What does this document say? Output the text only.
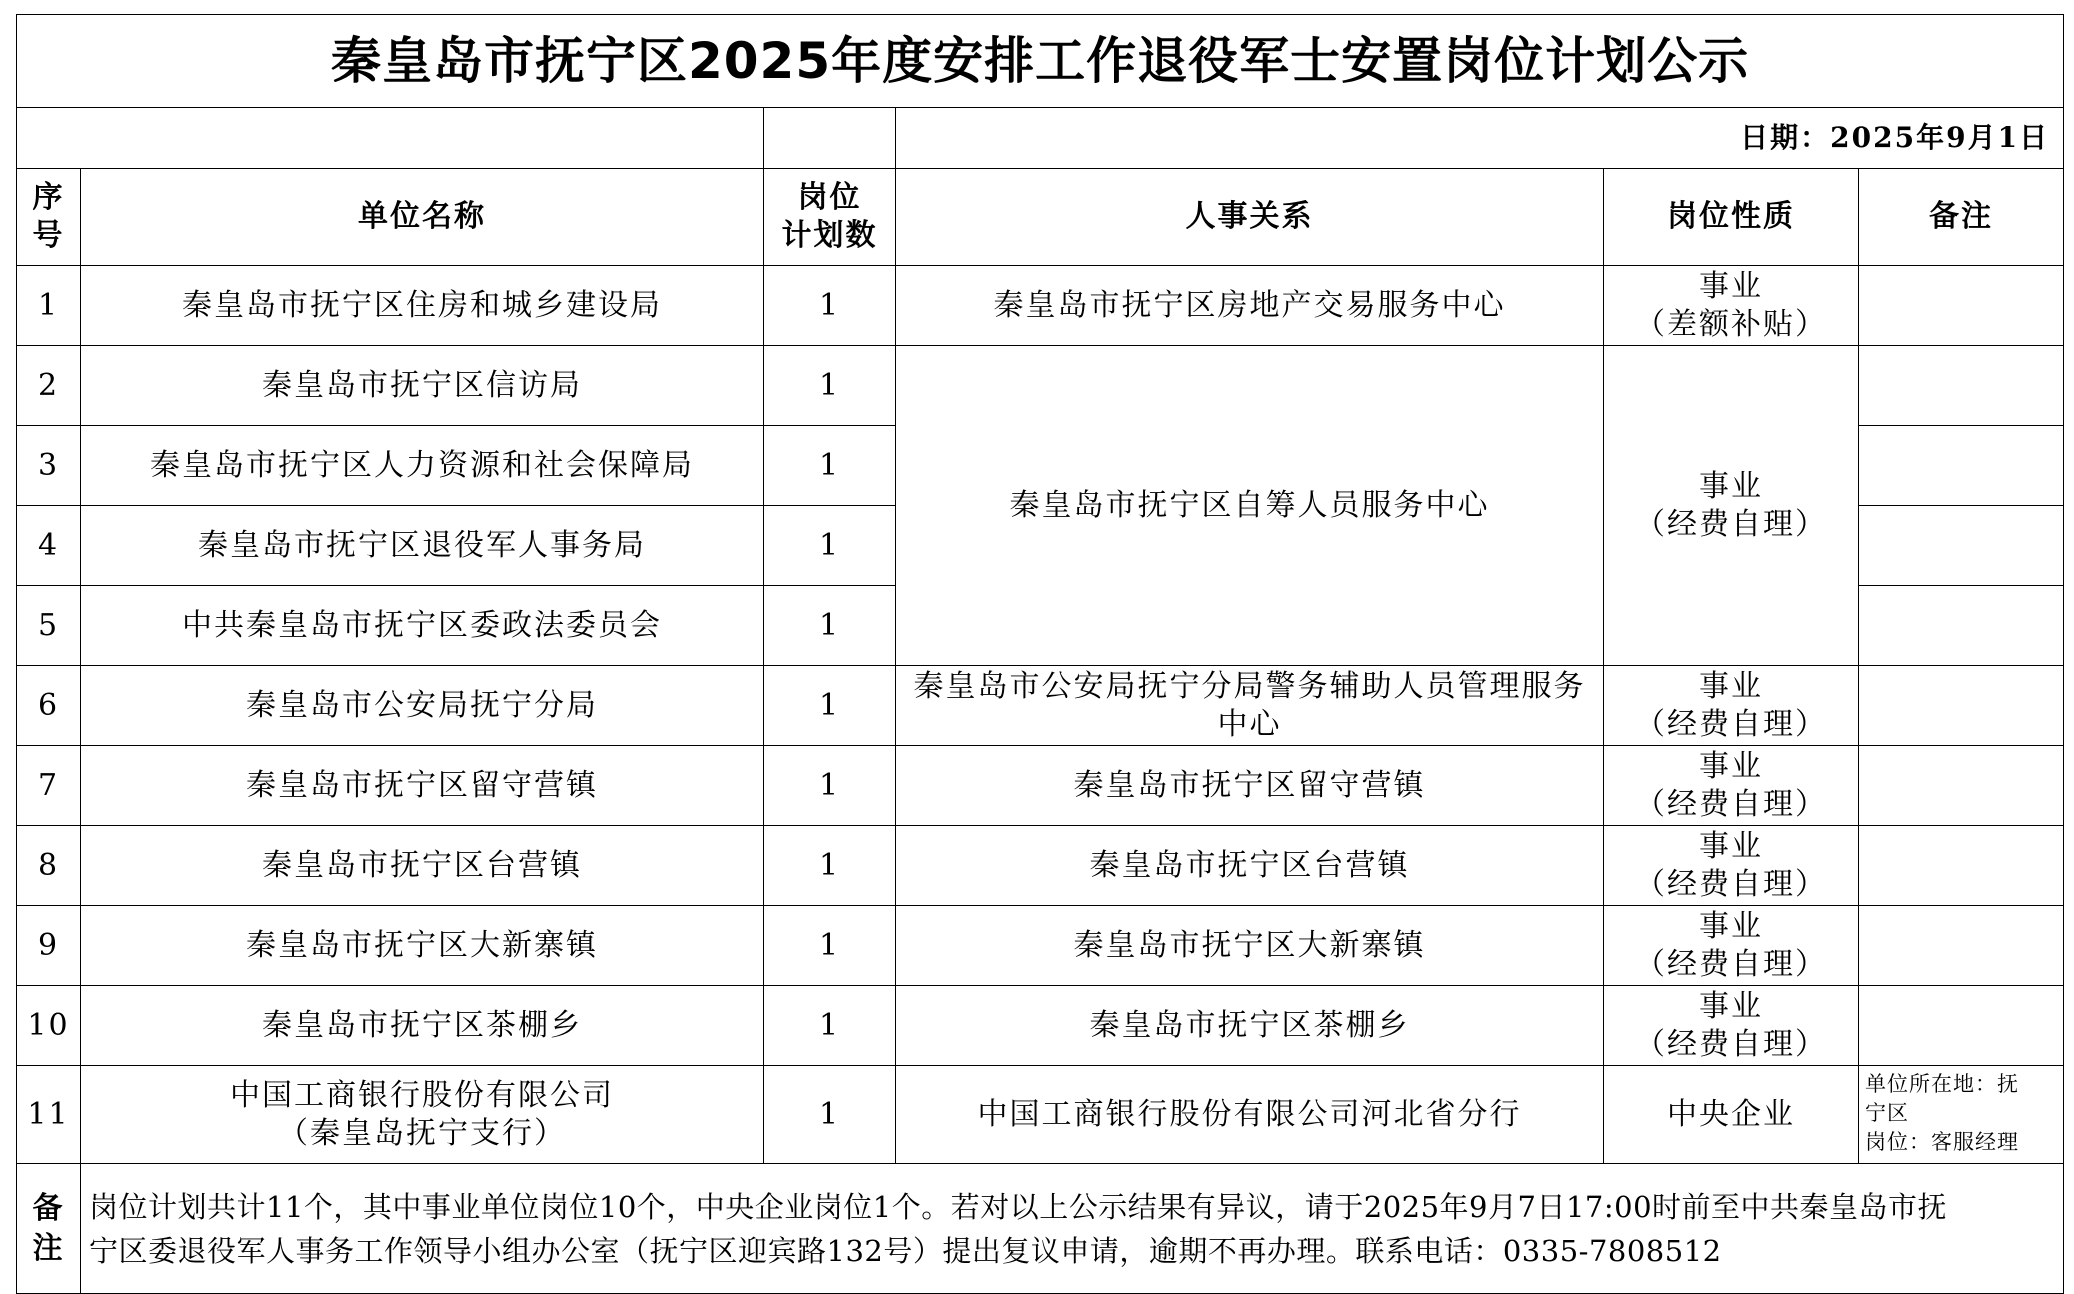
秦皇岛市抚宁区2025年度安排工作退役军士安置岗位计划公示					
			日期：2025年9月1日		

序
号	单位名称	岗位
计划数	人事关系	岗位性质	备注
1	秦皇岛市抚宁区住房和城乡建设局	1	秦皇岛市抚宁区房地产交易服务中心	事业
（差额补贴）	

2	秦皇岛市抚宁区信访局	1	秦皇岛市抚宁区自筹人员服务中心	事业
（经费自理）	

3	秦皇岛市抚宁区人力资源和社会保障局	1			
4	秦皇岛市抚宁区退役军人事务局	1			
5	中共秦皇岛市抚宁区委政法委员会	1			
6	秦皇岛市公安局抚宁分局	1	秦皇岛市公安局抚宁分局警务辅助人员管理服务
中心	事业
（经费自理）	

7	秦皇岛市抚宁区留守营镇	1	秦皇岛市抚宁区留守营镇	事业
（经费自理）	

8	秦皇岛市抚宁区台营镇	1	秦皇岛市抚宁区台营镇	事业
（经费自理）	

9	秦皇岛市抚宁区大新寨镇	1	秦皇岛市抚宁区大新寨镇	事业
（经费自理）	

10	秦皇岛市抚宁区茶棚乡	1	秦皇岛市抚宁区茶棚乡	事业
（经费自理）	

11	中国工商银行股份有限公司
（秦皇岛抚宁支行）	1	中国工商银行股份有限公司河北省分行	中央企业	单位所在地：抚
宁区
岗位：客服经理

备
注	岗位计划共计11个，其中事业单位岗位10个，中央企业岗位1个。若对以上公示结果有异议，请于2025年9月7日17:00时前至中共秦皇岛市抚
宁区委退役军人事务工作领导小组办公室（抚宁区迎宾路132号）提出复议申请，逾期不再办理。联系电话：0335-7808512				
